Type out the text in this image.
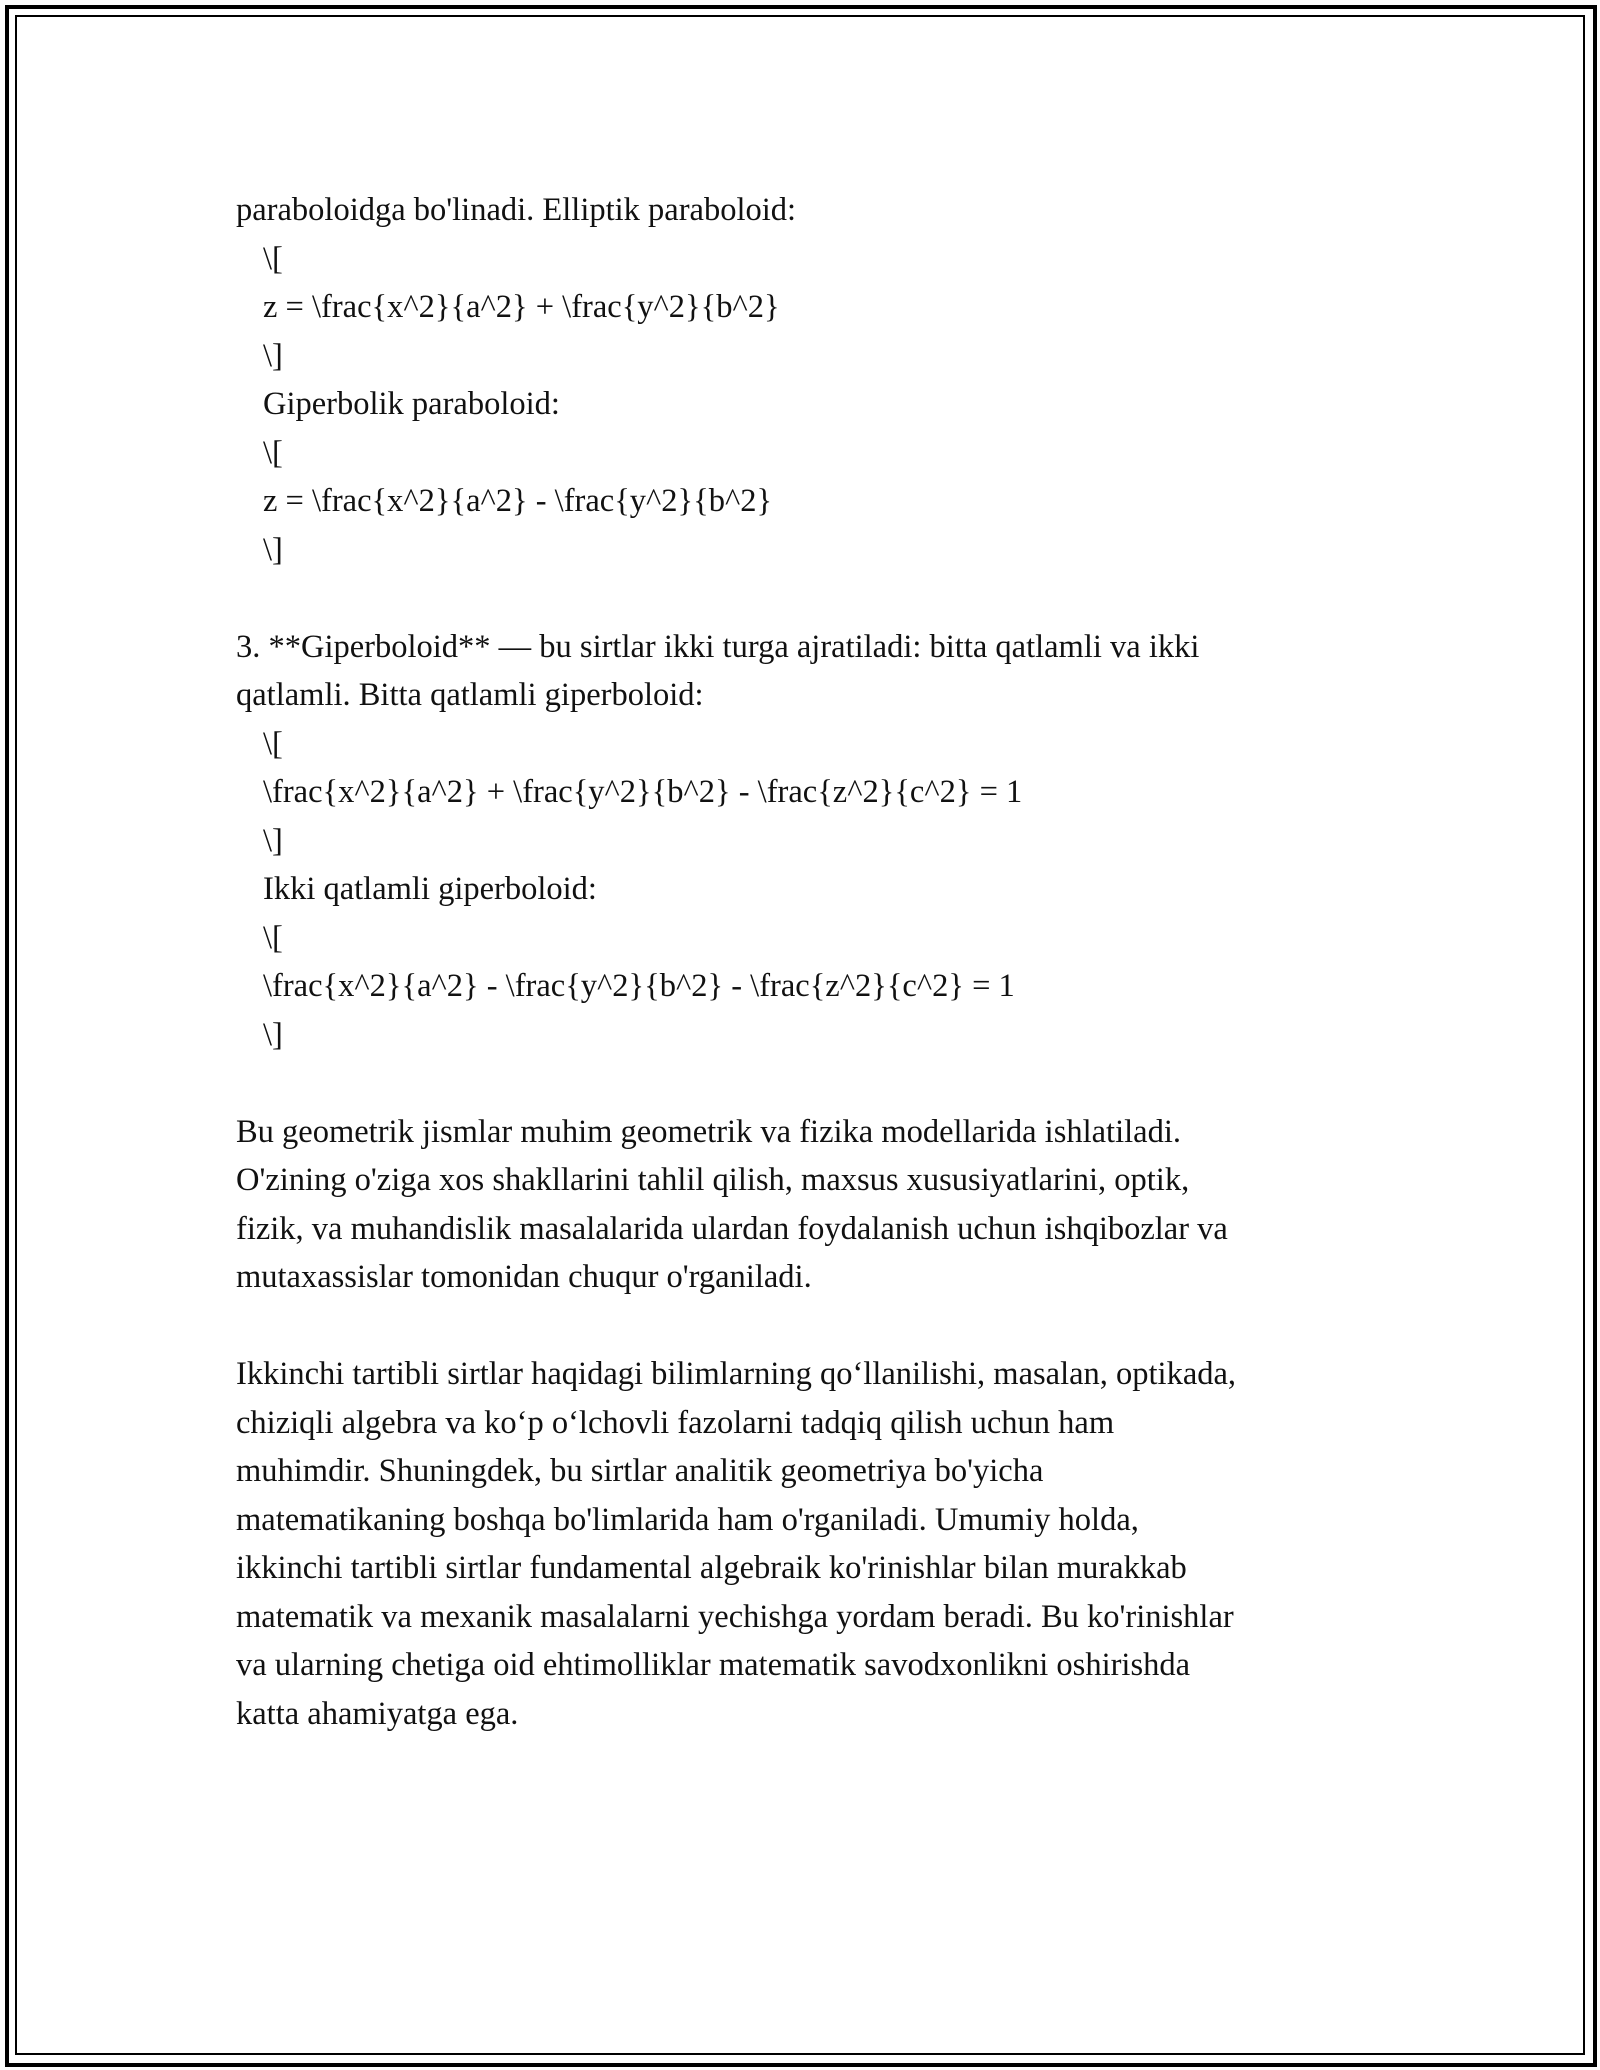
paraboloidga bo'linadi. Elliptik paraboloid:
\[
z = \frac{x^2}{a^2} + \frac{y^2}{b^2}
\]
Giperbolik paraboloid:
\[
z = \frac{x^2}{a^2} - \frac{y^2}{b^2}
\]
3. **Giperboloid** — bu sirtlar ikki turga ajratiladi: bitta qatlamli va ikki
qatlamli. Bitta qatlamli giperboloid:
\[
\frac{x^2}{a^2} + \frac{y^2}{b^2} - \frac{z^2}{c^2} = 1
\]
Ikki qatlamli giperboloid:
\[
\frac{x^2}{a^2} - \frac{y^2}{b^2} - \frac{z^2}{c^2} = 1
\]
Bu geometrik jismlar muhim geometrik va fizika modellarida ishlatiladi.
O'zining o'ziga xos shakllarini tahlil qilish, maxsus xususiyatlarini, optik,
fizik, va muhandislik masalalarida ulardan foydalanish uchun ishqibozlar va
mutaxassislar tomonidan chuqur o'rganiladi.
Ikkinchi tartibli sirtlar haqidagi bilimlarning qo‘llanilishi, masalan, optikada,
chiziqli algebra va ko‘p o‘lchovli fazolarni tadqiq qilish uchun ham
muhimdir. Shuningdek, bu sirtlar analitik geometriya bo'yicha
matematikaning boshqa bo'limlarida ham o'rganiladi. Umumiy holda,
ikkinchi tartibli sirtlar fundamental algebraik ko'rinishlar bilan murakkab
matematik va mexanik masalalarni yechishga yordam beradi. Bu ko'rinishlar
va ularning chetiga oid ehtimolliklar matematik savodxonlikni oshirishda
katta ahamiyatga ega.
